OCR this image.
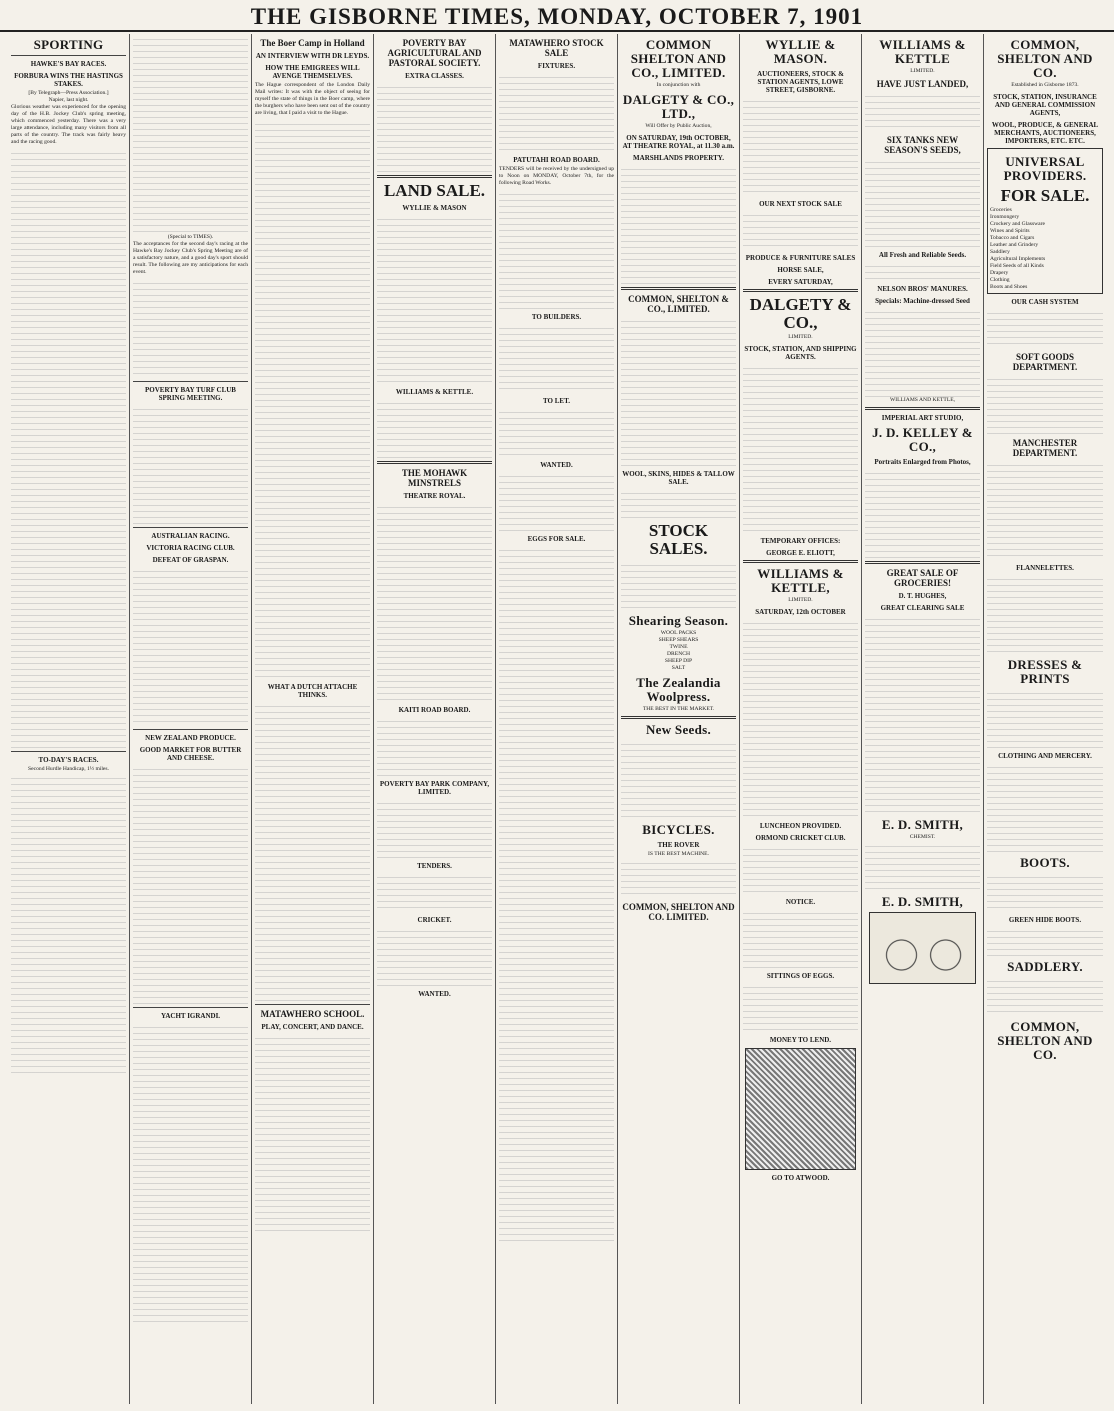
THE GISBORNE TIMES, MONDAY, OCTOBER 7, 1901
SPORTING
HAWKE'S BAY RACES.
FORBURA WINS THE HASTINGS STAKES.
[By Telegraph—Press Association.]
Napier, last night.

Glorious weather was experienced for the opening day of the H.B. Jockey Club's spring meeting, which commenced yesterday. There was a very large attendance, including many visitors from all parts of the country. The track was fairly heavy and the racing good.

TO-DAY'S RACES.
Second Hurdle Handicap, 1½ miles.
(Special to TIMES).

The acceptances for the second day's racing at the Hawke's Bay Jockey Club's Spring Meeting are of a satisfactory nature, and a good day's sport should result. The following are my anticipations for each event.

POVERTY BAY TURF CLUB SPRING MEETING.
AUSTRALIAN RACING.
VICTORIA RACING CLUB.
DEFEAT OF GRASPAN.
NEW ZEALAND PRODUCE.
GOOD MARKET FOR BUTTER AND CHEESE.
YACHT IGRANDI.
The Boer Camp in Holland
AN INTERVIEW WITH DR LEYDS.
HOW THE EMIGREES WILL AVENGE THEMSELVES.

The Hague correspondent of the London Daily Mail writes: It was with the object of seeing for myself the state of things in the Boer camp, where the burghers who have been sent out of the country are living, that I paid a visit to the Hague.

WHAT A DUTCH ATTACHE THINKS.
MATAWHERO SCHOOL.
PLAY, CONCERT, AND DANCE.
POVERTY BAY AGRICULTURAL AND PASTORAL SOCIETY.
EXTRA CLASSES.
LAND SALE.
WYLLIE & MASON
WILLIAMS & KETTLE.
THE MOHAWK MINSTRELS
THEATRE ROYAL.
KAITI ROAD BOARD.
POVERTY BAY PARK COMPANY, LIMITED.
TENDERS.
CRICKET.
WANTED.
MATAWHERO STOCK SALE
FIXTURES.
PATUTAHI ROAD BOARD.

TENDERS will be received by the undersigned up to Noon on MONDAY, October 7th, for the following Road Works.

TO BUILDERS.
TO LET.
WANTED.
EGGS FOR SALE.
COMMON SHELTON AND CO., LIMITED.
In conjunction with
DALGETY & CO., LTD.,
Will Offer by Public Auction,
ON SATURDAY, 19th OCTOBER, AT THEATRE ROYAL, at 11.30 a.m.
MARSHLANDS PROPERTY.
COMMON, SHELTON & CO., LIMITED.
WOOL, SKINS, HIDES & TALLOW SALE.
STOCK SALES.
Shearing Season.
WOOL PACKS
SHEEP SHEARS
TWINE
DRENCH
SHEEP DIP
SALT
The Zealandia Woolpress.
THE BEST IN THE MARKET.
New Seeds.
BICYCLES.
THE ROVER
IS THE BEST MACHINE.
COMMON, SHELTON AND CO. LIMITED.
WYLLIE & MASON.
AUCTIONEERS, STOCK & STATION AGENTS, LOWE STREET, GISBORNE.
OUR NEXT STOCK SALE
PRODUCE & FURNITURE SALES
HORSE SALE,
EVERY SATURDAY,
DALGETY & CO.,
LIMITED.
STOCK, STATION, AND SHIPPING AGENTS.
TEMPORARY OFFICES:
GEORGE E. ELIOTT,
WILLIAMS & KETTLE,
LIMITED.
SATURDAY, 12th OCTOBER
LUNCHEON PROVIDED.
ORMOND CRICKET CLUB.
NOTICE.
SITTINGS OF EGGS.
MONEY TO LEND.
GO TO ATWOOD.
WILLIAMS & KETTLE
LIMITED.
HAVE JUST LANDED,
SIX TANKS NEW SEASON'S SEEDS,
All Fresh and Reliable Seeds.
NELSON BROS' MANURES.
Specials: Machine-dressed Seed
WILLIAMS AND KETTLE,
IMPERIAL ART STUDIO,
J. D. KELLEY & CO.,
Portraits Enlarged from Photos,
GREAT SALE OF GROCERIES!
D. T. HUGHES,
GREAT CLEARING SALE
E. D. SMITH,
CHEMIST.
E. D. SMITH,
COMMON, SHELTON AND CO.
Established in Gisborne 1873.
STOCK, STATION, INSURANCE AND GENERAL COMMISSION AGENTS,
WOOL, PRODUCE, & GENERAL MERCHANTS, AUCTIONEERS, IMPORTERS, ETC. ETC.
UNIVERSAL PROVIDERS.
FOR SALE.
Groceries
Ironmongery
Crockery and Glassware
Wines and Spirits
Tobacco and Cigars
Leather and Grindery
Saddlery
Agricultural Implements
Field Seeds of all Kinds
Drapery
Clothing
Boots and Shoes
OUR CASH SYSTEM
SOFT GOODS DEPARTMENT.
MANCHESTER DEPARTMENT.
FLANNELETTES.
DRESSES & PRINTS
CLOTHING AND MERCERY.
BOOTS.
GREEN HIDE BOOTS.
SADDLERY.
COMMON, SHELTON AND CO.
